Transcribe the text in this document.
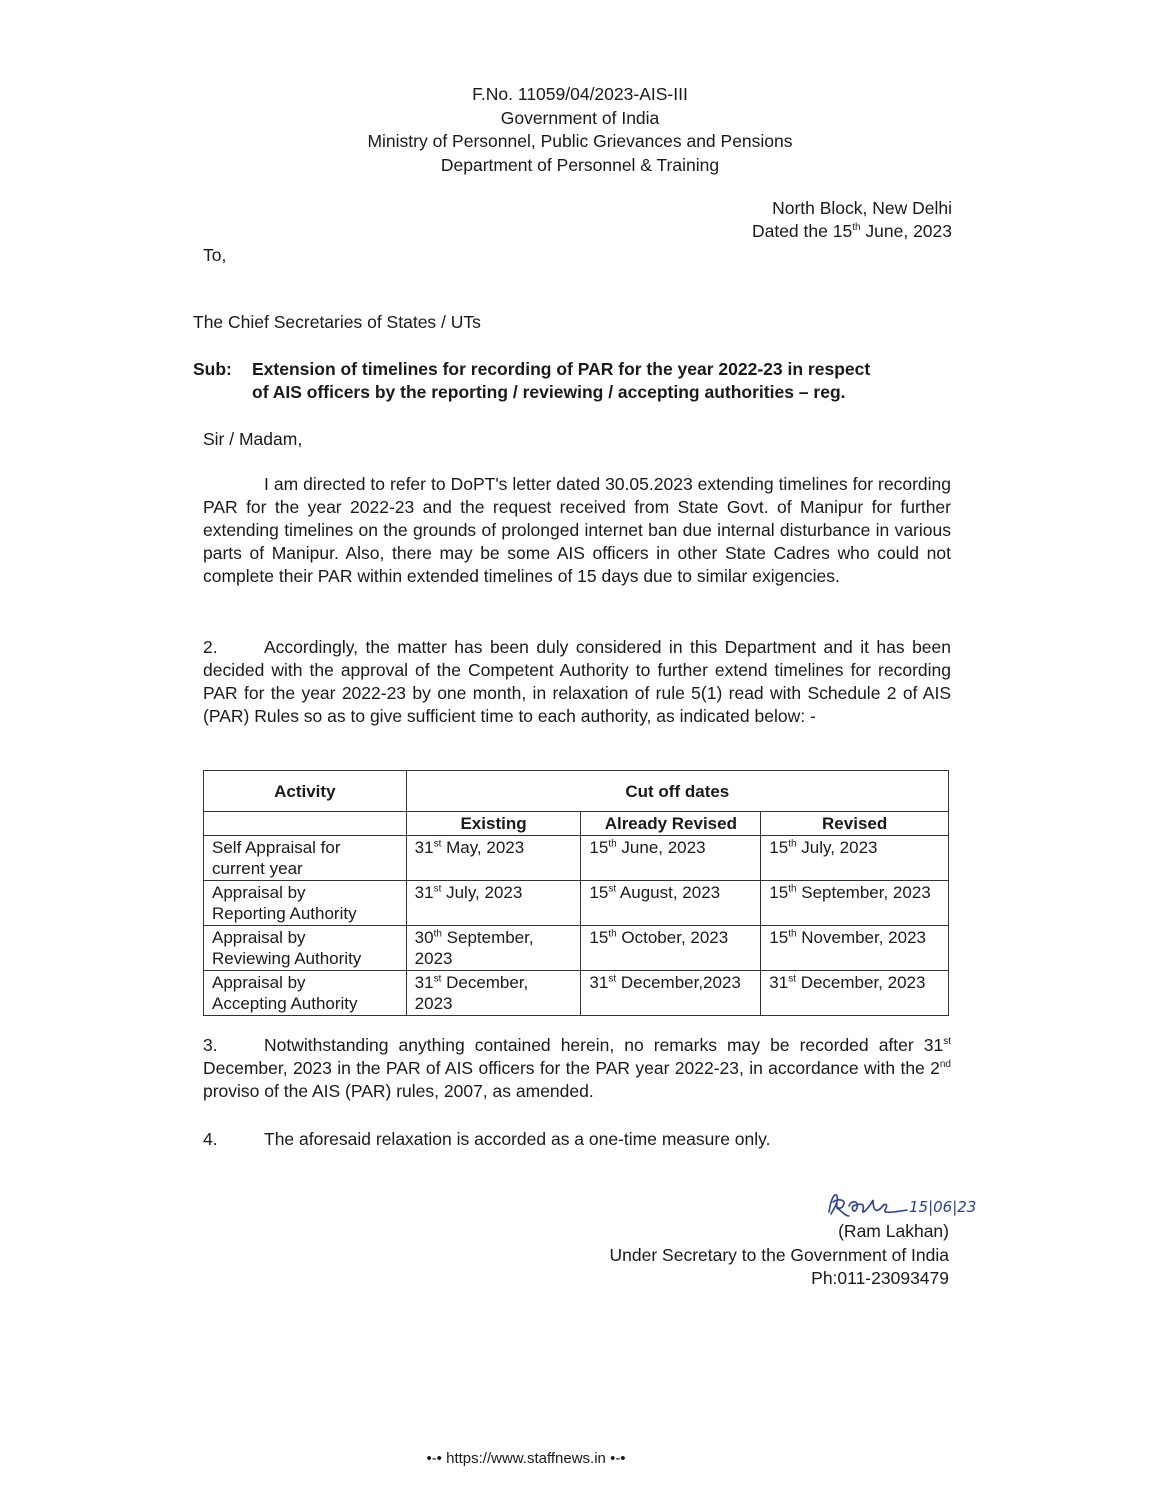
F.No. 11059/04/2023-AIS-III
Government of India
Ministry of Personnel, Public Grievances and Pensions
Department of Personnel & Training
North Block, New Delhi
Dated the 15th June, 2023
To,
The Chief Secretaries of States / UTs
Sub: Extension of timelines for recording of PAR for the year 2022-23 in respect
of AIS officers by the reporting / reviewing / accepting authorities – reg.
Sir / Madam,
I am directed to refer to DoPT's letter dated 30.05.2023 extending timelines for recording PAR for the year 2022-23 and the request received from State Govt. of Manipur for further extending timelines on the grounds of prolonged internet ban due internal disturbance in various parts of Manipur. Also, there may be some AIS officers in other State Cadres who could not complete their PAR within extended timelines of 15 days due to similar exigencies.
2.	Accordingly, the matter has been duly considered in this Department and it has been decided with the approval of the Competent Authority to further extend timelines for recording PAR for the year 2022-23 by one month, in relaxation of rule 5(1) read with Schedule 2 of AIS (PAR) Rules so as to give sufficient time to each authority, as indicated below: -
Activity	Cut off dates		
	Existing	Already Revised	Revised
Self Appraisal for
current year	31st May, 2023	15th June, 2023	15th July, 2023
Appraisal by
Reporting Authority	31st July, 2023	15st August, 2023	15th September, 2023
Appraisal by
Reviewing Authority	30th September,
2023	15th October, 2023	15th November, 2023
Appraisal by
Accepting Authority	31st December,
2023	31st December,2023	31st December, 2023
3.	Notwithstanding anything contained herein, no remarks may be recorded after 31st December, 2023 in the PAR of AIS officers for the PAR year 2022-23, in accordance with the 2nd proviso of the AIS (PAR) rules, 2007, as amended.
4.	The aforesaid relaxation is accorded as a one-time measure only.
15|06|23
(Ram Lakhan)
Under Secretary to the Government of India
Ph:011-23093479
•-• https://www.staffnews.in •-•
